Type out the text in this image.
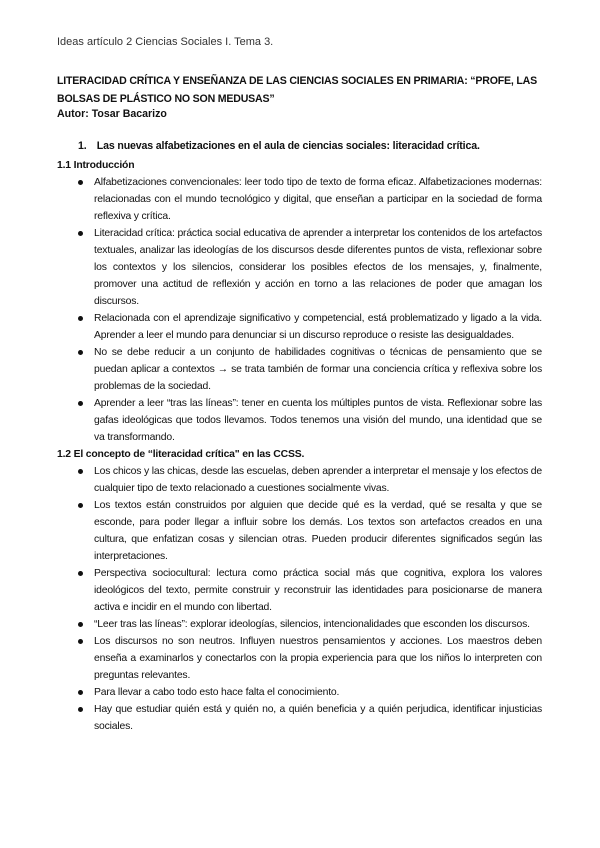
Ideas artículo 2 Ciencias Sociales I. Tema 3.
LITERACIDAD CRÍTICA Y ENSEÑANZA DE LAS CIENCIAS SOCIALES EN PRIMARIA: “PROFE, LAS BOLSAS DE PLÁSTICO NO SON MEDUSAS”
Autor: Tosar Bacarizo
1. Las nuevas alfabetizaciones en el aula de ciencias sociales: literacidad crítica.

1.1 Introducción

Alfabetizaciones convencionales: leer todo tipo de texto de forma eficaz. Alfabetizaciones modernas: relacionadas con el mundo tecnológico y digital, que enseñan a participar en la sociedad de forma reflexiva y crítica.
Literacidad crítica: práctica social educativa de aprender a interpretar los contenidos de los artefactos textuales, analizar las ideologías de los discursos desde diferentes puntos de vista, reflexionar sobre los contextos y los silencios, considerar los posibles efectos de los mensajes, y, finalmente, promover una actitud de reflexión y acción en torno a las relaciones de poder que amagan los discursos.
Relacionada con el aprendizaje significativo y competencial, está problematizado y ligado a la vida. Aprender a leer el mundo para denunciar si un discurso reproduce o resiste las desigualdades.
No se debe reducir a un conjunto de habilidades cognitivas o técnicas de pensamiento que se puedan aplicar a contextos → se trata también de formar una conciencia crítica y reflexiva sobre los problemas de la sociedad.
Aprender a leer “tras las líneas”: tener en cuenta los múltiples puntos de vista. Reflexionar sobre las gafas ideológicas que todos llevamos. Todos tenemos una visión del mundo, una identidad que se va transformando.

1.2 El concepto de “literacidad crítica" en las CCSS.

Los chicos y las chicas, desde las escuelas, deben aprender a interpretar el mensaje y los efectos de cualquier tipo de texto relacionado a cuestiones socialmente vivas.
Los textos están construidos por alguien que decide qué es la verdad, qué se resalta y que se esconde, para poder llegar a influir sobre los demás. Los textos son artefactos creados en una cultura, que enfatizan cosas y silencian otras. Pueden producir diferentes significados según las interpretaciones.
Perspectiva sociocultural: lectura como práctica social más que cognitiva, explora los valores ideológicos del texto, permite construir y reconstruir las identidades para posicionarse de manera activa e incidir en el mundo con libertad.
“Leer tras las líneas”: explorar ideologías, silencios, intencionalidades que esconden los discursos.
Los discursos no son neutros. Influyen nuestros pensamientos y acciones. Los maestros deben enseña a examinarlos y conectarlos con la propia experiencia para que los niños lo interpreten con preguntas relevantes.
Para llevar a cabo todo esto hace falta el conocimiento.
Hay que estudiar quién está y quién no, a quién beneficia y a quién perjudica, identificar injusticias sociales.
